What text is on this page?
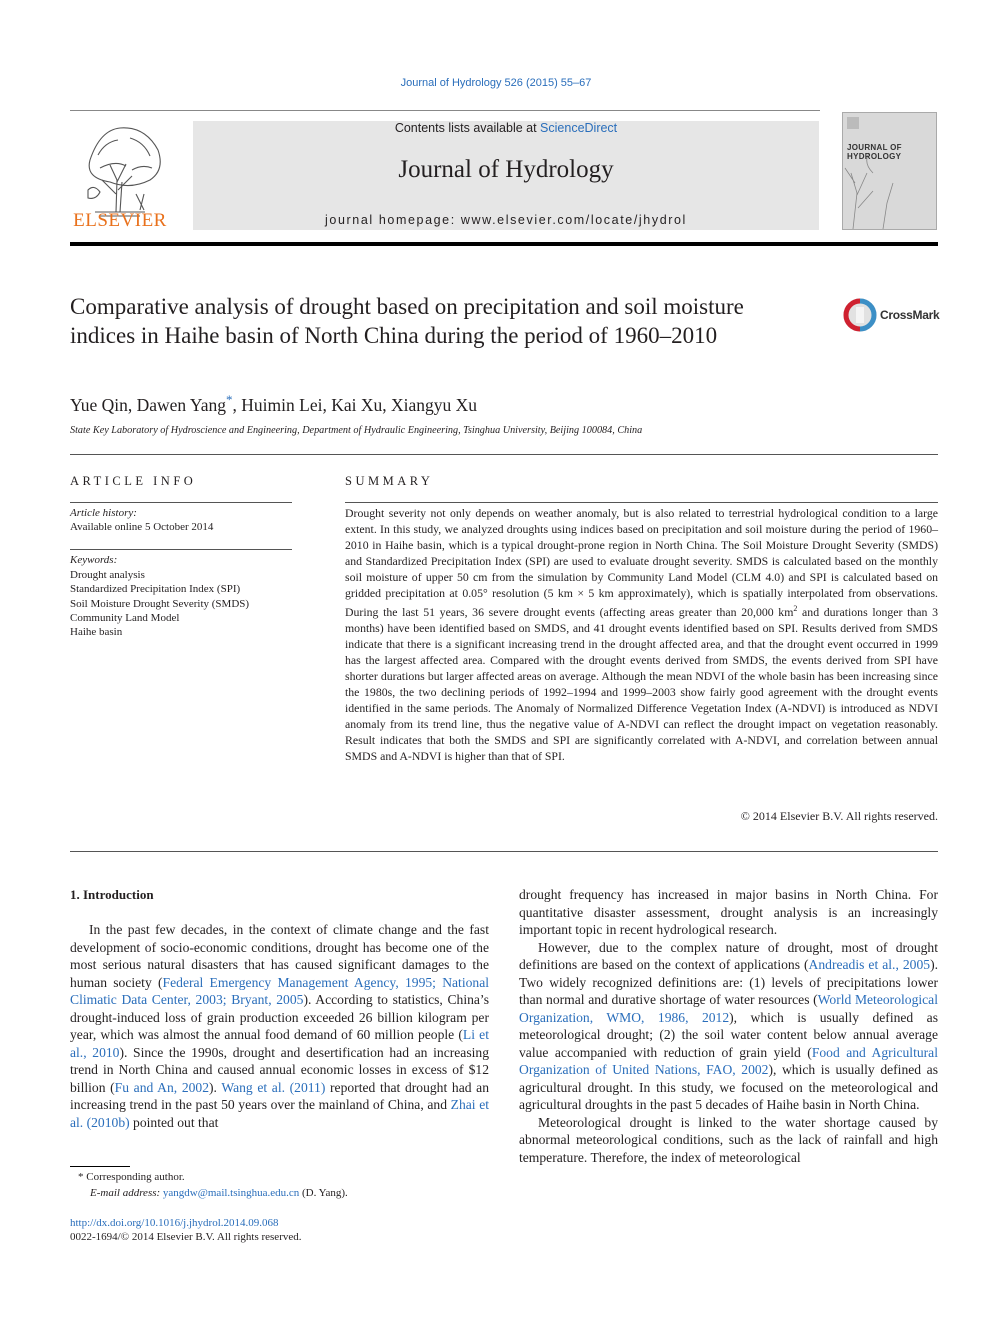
Journal of Hydrology 526 (2015) 55–67
ELSEVIER
Contents lists available at ScienceDirect
Journal of Hydrology
journal homepage: www.elsevier.com/locate/jhydrol
JOURNAL OF HYDROLOGY
Comparative analysis of drought based on precipitation and soil moisture indices in Haihe basin of North China during the period of 1960–2010
CrossMark
Yue Qin, Dawen Yang*, Huimin Lei, Kai Xu, Xiangyu Xu
State Key Laboratory of Hydroscience and Engineering, Department of Hydraulic Engineering, Tsinghua University, Beijing 100084, China
ARTICLE INFO	SUMMARY
Article history:
Available online 5 October 2014
Keywords:
Drought analysis
Standardized Precipitation Index (SPI)
Soil Moisture Drought Severity (SMDS)
Community Land Model
Haihe basin
Drought severity not only depends on weather anomaly, but is also related to terrestrial hydrological condition to a large extent. In this study, we analyzed droughts using indices based on precipitation and soil moisture during the period of 1960–2010 in Haihe basin, which is a typical drought-prone region in North China. The Soil Moisture Drought Severity (SMDS) and Standardized Precipitation Index (SPI) are used to evaluate drought severity. SMDS is calculated based on the monthly soil moisture of upper 50 cm from the simulation by Community Land Model (CLM 4.0) and SPI is calculated based on gridded precipitation at 0.05° resolution (5 km × 5 km approximately), which is spatially interpolated from observations. During the last 51 years, 36 severe drought events (affecting areas greater than 20,000 $km^2$ and durations longer than 3 months) have been identified based on SMDS, and 41 drought events identified based on SPI. Results derived from SMDS indicate that there is a significant increasing trend in the drought affected area, and that the drought event occurred in 1999 has the largest affected area. Compared with the drought events derived from SMDS, the events derived from SPI have shorter durations but larger affected areas on average. Although the mean NDVI of the whole basin has been increasing since the 1980s, the two declining periods of 1992–1994 and 1999–2003 show fairly good agreement with the drought events identified in the same periods. The Anomaly of Normalized Difference Vegetation Index (A-NDVI) is introduced as NDVI anomaly from its trend line, thus the negative value of A-NDVI can reflect the drought impact on vegetation reasonably. Result indicates that both the SMDS and SPI are significantly correlated with A-NDVI, and correlation between annual SMDS and A-NDVI is higher than that of SPI.
© 2014 Elsevier B.V. All rights reserved.
1. Introduction

In the past few decades, in the context of climate change and the fast development of socio-economic conditions, drought has become one of the most serious natural disasters that has caused significant damages to the human society (Federal Emergency Management Agency, 1995; National Climatic Data Center, 2003; Bryant, 2005). According to statistics, China’s drought-induced loss of grain production exceeded 26 billion kilogram per year, which was almost the annual food demand of 60 million people (Li et al., 2010). Since the 1990s, drought and desertification had an increasing trend in North China and caused annual economic losses in excess of $12 billion (Fu and An, 2002). Wang et al. (2011) reported that drought had an increasing trend in the past 50 years over the mainland of China, and Zhai et al. (2010b) pointed out that

drought frequency has increased in major basins in North China. For quantitative disaster assessment, drought analysis is an increasingly important topic in recent hydrological research.

However, due to the complex nature of drought, most of drought definitions are based on the context of applications (Andreadis et al., 2005). Two widely recognized definitions are: (1) levels of precipitations lower than normal and durative shortage of water resources (World Meteorological Organization, WMO, 1986, 2012), which is usually defined as meteorological drought; (2) the soil water content below annual average value accompanied with reduction of grain yield (Food and Agricultural Organization of United Nations, FAO, 2002), which is usually defined as agricultural drought. In this study, we focused on the meteorological and agricultural droughts in the past 5 decades of Haihe basin in North China.

Meteorological drought is linked to the water shortage caused by abnormal meteorological conditions, such as the lack of rainfall and high temperature. Therefore, the index of meteorological

* Corresponding author.
E-mail address: yangdw@mail.tsinghua.edu.cn (D. Yang).
http://dx.doi.org/10.1016/j.jhydrol.2014.09.068
0022-1694/© 2014 Elsevier B.V. All rights reserved.
